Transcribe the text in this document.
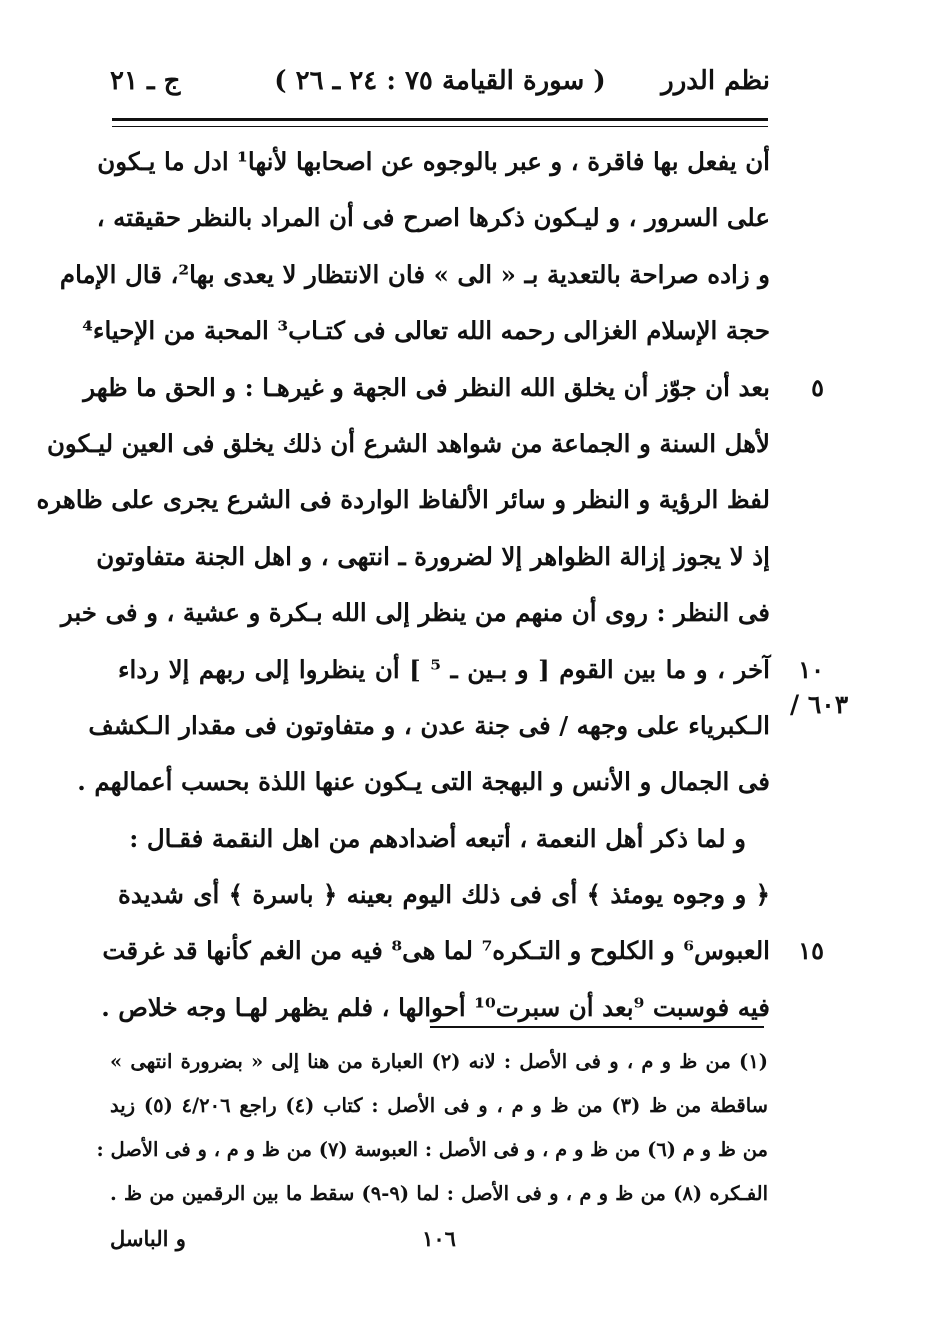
نظم الدرر
( سورة القيامة ٧٥ : ٢٤ ـ ٢٦ )
ج ـ ٢١
أن يفعل بها فاقرة ، و عبر بالوجوه عن اصحابها لأنها¹ ادل ما يـكون
على السرور ، و ليـكون ذكرها اصرح فى أن المراد بالنظر حقيقته ،
و زاده صراحة بالتعدية بـ « الى » فان الانتظار لا يعدى بها²، قال الإمام
حجة الإسلام الغزالى رحمه الله تعالى فى كتـاب³ المحبة من الإحياء⁴
بعد أن جوّز أن يخلق الله النظر فى الجهة و غيرهـا : و الحق ما ظهر ٥
لأهل السنة و الجماعة من شواهد الشرع أن ذلك يخلق فى العين ليـكون
لفظ الرؤية و النظر و سائر الألفاظ الواردة فى الشرع يجرى على ظاهره
إذ لا يجوز إزالة الظواهر إلا لضرورة ـ انتهى ، و اهل الجنة متفاوتون
فى النظر : روى أن منهم من ينظر إلى الله بـكرة و عشية ، و فى خبر
آخر ، و ما بين القوم [ و بـين ـ ⁵ ] أن ينظروا إلى ربهم إلا رداء ١٠
الـكبرياء على وجهه / فى جنة عدن ، و متفاوتون فى مقدار الـكشف
فى الجمال و الأنس و البهجة التى يـكون عنها اللذة بحسب أعمالهم .
و لما ذكر أهل النعمة ، أتبعه أضدادهم من اهل النقمة فقـال :
﴿ و وجوه يومئذ ﴾ أى فى ذلك اليوم بعينه ﴿ باسرة ﴾ أى شديدة
العبوس⁶ و الكلوح و التـكره⁷ لما هى⁸ فيه من الغم كأنها قد غرقت ١٥
فيه فوسبت ⁹بعد أن سبرت¹⁰ أحوالها ، فلم يظهر لهـا وجه خلاص .
٦٠٣ /
(١) من ظ و م ، و فى الأصل : لانه (٢) العبارة من هنا إلى « بضرورة انتهى »
ساقطة من ظ (٣) من ظ و م ، و فى الأصل : كتاب (٤) راجع ٤/٢٠٦ (٥) زيد
من ظ و م (٦) من ظ و م ، و فى الأصل : العبوسة (٧) من ظ و م ، و فى الأصل :
الفـكره (٨) من ظ و م ، و فى الأصل : لما (٩-٩) سقط ما بين الرقمين من ظ .
١٠٦
و الباسل
